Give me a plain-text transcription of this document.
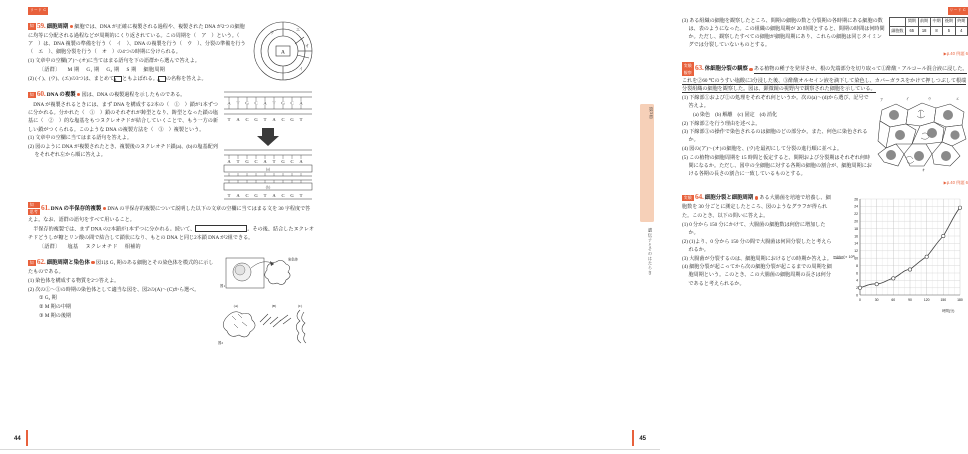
リード C
A
エ
ウ
オ
イ
知 59.細胞周期 細胞では、DNA が正確に複製される過程や、複製された DNA が2つの細胞に均等に分配される過程などが周期的にくり返されている。この周期を（　ア　）という。（　ア　）は、DNA 複製の準備を行う（　イ　）、DNA の複製を行う（　ウ　）、分裂の準備を行う（　エ　）、細胞分裂を行う（　オ　）の4つの時期に分けられる。
(1) 文章中の空欄(ア)～(オ)に当てはまる語句を下の語群から選んで答えよ。
〔語群〕 M 期 G₁ 期 G₂ 期 S 期 細胞周期
(2) (イ)、(ウ)、(エ)の3つは、まとめてA ともよばれる。A の名称を答えよ。
A T G C A T G C A
T A C G T A C G T
A T G C A T G C A
(a)
(b)
T A C G T A C G T
知 60.DNA の複製 図は、DNA の複製過程を示したものである。

DNA が複製されるときには、まず DNA を構成する2本の（　①　）鎖が1本ずつに分かれる。分かれた（　①　）鎖のそれぞれが鋳型となり、鋳型となった鎖の塩基に（　②　）的な塩基をもつヌクレオチドが結合していくことで、もう一方の新しい鎖がつくられる。このような DNA の複製方法を（　③　）複製という。

(1) 文章中の空欄に当てはまる語句を答えよ。
(2) 図のように DNA が複製されたとき、複製後のヌクレオチド鎖(a)、(b)の塩基配列をそれぞれ左から順に答えよ。
知
思考 61.DNA の半保存的複製 DNA の半保存的複製について説明した以下の文章の空欄に当てはまる文を 30 字程度で答えよ。なお、語群の語句をすべて用いること。

半保存的複製では、まず DNA の2本鎖が1本ずつに分かれる。続いて、	。その後、結合したヌクレオチドどうしが糖とリン酸の間で結合して鎖状になり、もとの DNA と同じ2本鎖 DNA が2組できる。

〔語群〕 塩基 ヌクレオチド 相補的
染色体
図1
(A)	(B)	(C)
図2
知 62.細胞周期と染色体 図1は G₁ 期のある細胞とその染色体を模式的に示したものである。
(1) 染色体を構成する物質を2つ答えよ。
(2) 次の①～③の時期の染色体として適当な図を、図2の(A)～(C)から選べ。
① G₂ 期
② M 期の中期
③ M 期の後期
44
リード C
	間期	前期	中期	後期	終期
細胞数	65	18	8	5	4
(3) ある組織の細胞を観察したところ、間期の細胞の数と分裂期の各時期にある細胞の数は、表のようになった。この組織の細胞周期が 20 時間とすると、間期の時間は何時間か。ただし、観察したすべての細胞が細胞周期にあり、これらの細胞は同じタイミングでは分裂していないものとする。
▶p.40 例題 6
実験
観察 63.体細胞分裂の観察 ある植物の種子を発芽させ、根の先端部分を切り取って①酢酸・アルコール混合液に浸した。これを②60 ℃のうすい塩酸に3分浸した後、③酢酸オルセイン液を滴下して染色し、カバーガラスをかけて押しつぶして根端分裂組織の細胞を観察した。図は、顕微鏡の視野内で観察された細胞を示している。
ア	イ	ウ	エ
オ
(1) 下線部①および②の処理をそれぞれ何というか。次の(a)～(d)から選び、記号で答えよ。
(a) 染色 (b) 解離 (c) 固定 (d) 消化
(2) 下線部②を行う理由を述べよ。
(3) 下線部③の操作で染色されるのは細胞のどの部分か。また、何色に染色されるか。
(4) 図の(ア)～(オ)の細胞を、(ウ)を最初にして分裂の進行順に並べよ。
(5) この植物の細胞周期を 15 時間と仮定すると、間期および分裂期はそれぞれ何時間になるか。ただし、図中の全細胞に対する各期の細胞の割合が、細胞周期における各期の長さの割合に一致しているものとする。
▶p.40 例題 6
細胞数(×10⁶)
26
24
22
20
18
16
14
12
10
8
6
4
2
0
0	30	60	90	120	150	180
時間(分)
実験 64.細胞分裂と細胞周期 ある大腸菌を培地で培養し、細胞数を 30 分ごとに測定したところ、図のようなグラフが得られた。このとき、以下の問いに答えよ。
(1) 0 分から 150 分にかけて、大腸菌の細胞数は何倍に増加したか。
(2) (1)より、0 分から 150 分の間で大腸菌は何回分裂したと考えられるか。
(3) 大腸菌が分裂するのは、細胞周期におけるどの時期か答えよ。
(4) 細胞分裂が起こってから次の細胞分裂が起こるまでの周期を細胞周期という。このとき、この大腸菌の細胞周期の長さは何分であると考えられるか。
第3章
遺伝子とそのはたらき
45
